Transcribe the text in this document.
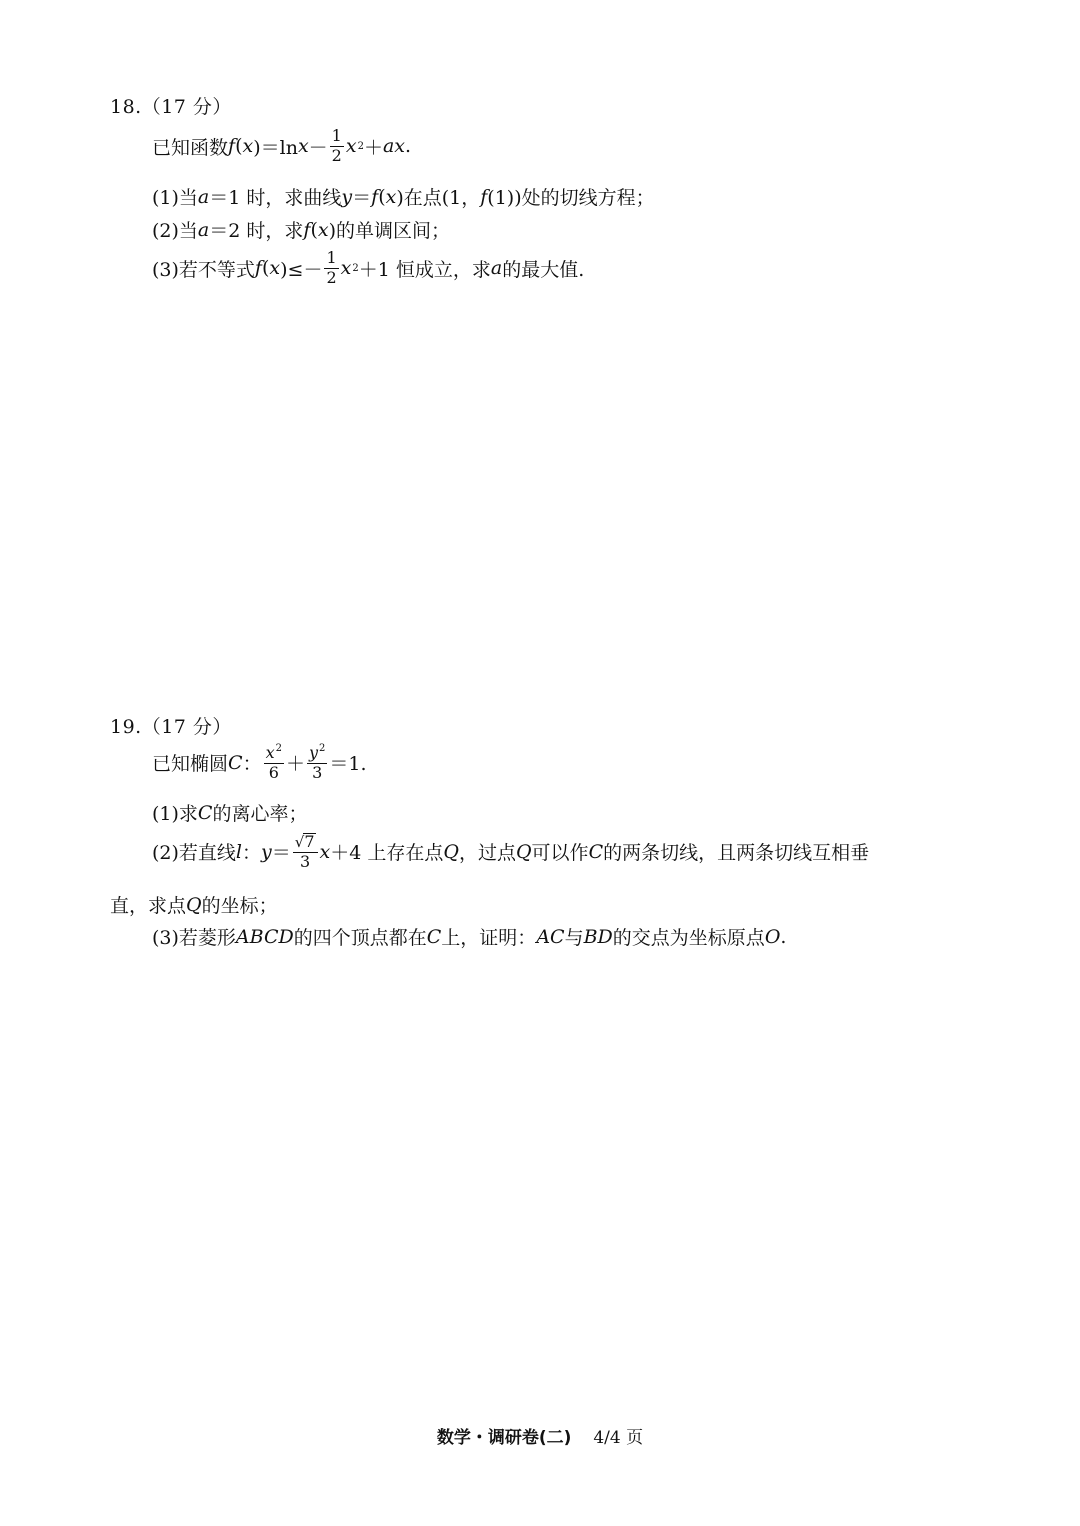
18.（17 分）
已知函数 f ( x )＝ln $x - \frac{1}{2}$ x 2 ＋ ax .
(1)当 a ＝1 时，求曲线 y ＝ f ( x )在点(1， f (1))处的切线方程；
(2)当 a ＝2 时，求 f ( x )的单调区间；
(3)若不等式 f ( x )≤－ $\frac{1}{2}$ x 2 ＋1 恒成立，求 a 的最大值.
19.（17 分）
已知椭圆 C ： $\frac{x^2}{6} + \frac{y^2}{3} =1$.
(1)求 C 的离心率；
(2)若直线 l ： $y = \frac{√ 7}{3}$ x ＋4 上存在点 Q ，过点 Q 可以作 C 的两条切线，且两条切线互相垂
直，求点 Q 的坐标；
(3)若菱形 ABCD 的四个顶点都在 C 上，证明： AC 与 BD 的交点为坐标原点 O .
数学・调研卷(二) 4/4 页
